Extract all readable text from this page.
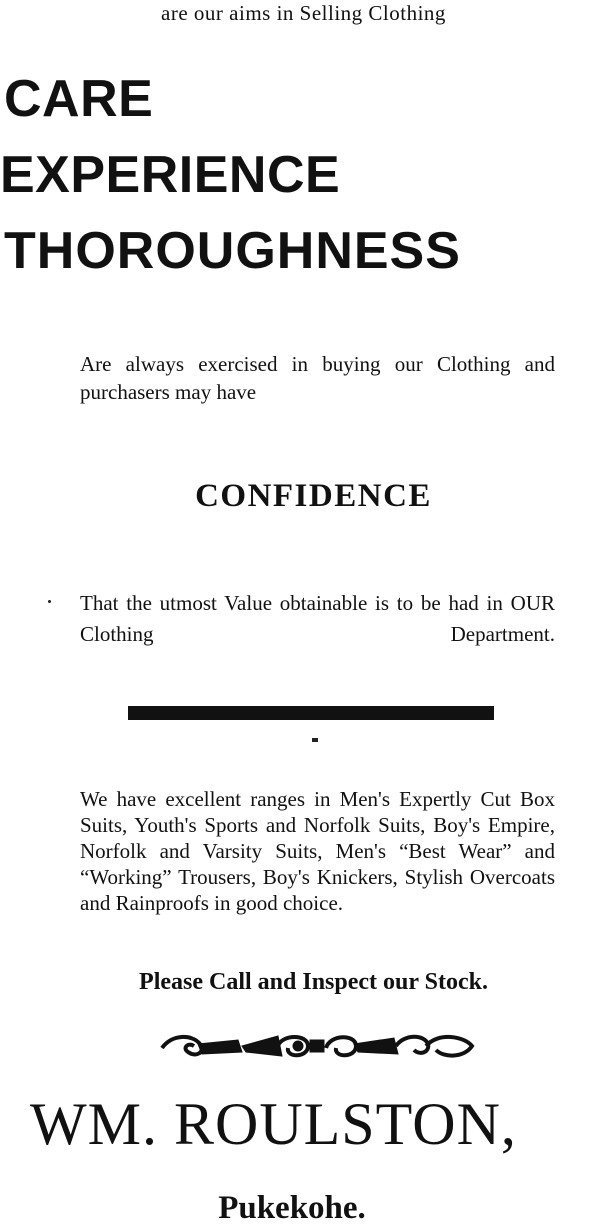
are our aims in Selling Clothing
CARE
EXPERIENCE
THOROUGHNESS
Are always exercised in buying our Clothing and purchasers may have
CONFIDENCE
That the utmost Value obtainable is to be had in OUR Clothing Department.
We have excellent ranges in Men's Expertly Cut Box Suits, Youth's Sports and Norfolk Suits, Boy's Empire, Norfolk and Varsity Suits, Men's “Best Wear” and “Working” Trousers, Boy's Knickers, Stylish Overcoats and Rainproofs in good choice.
Please Call and Inspect our Stock.
WM. ROULSTON,
Pukekohe.
